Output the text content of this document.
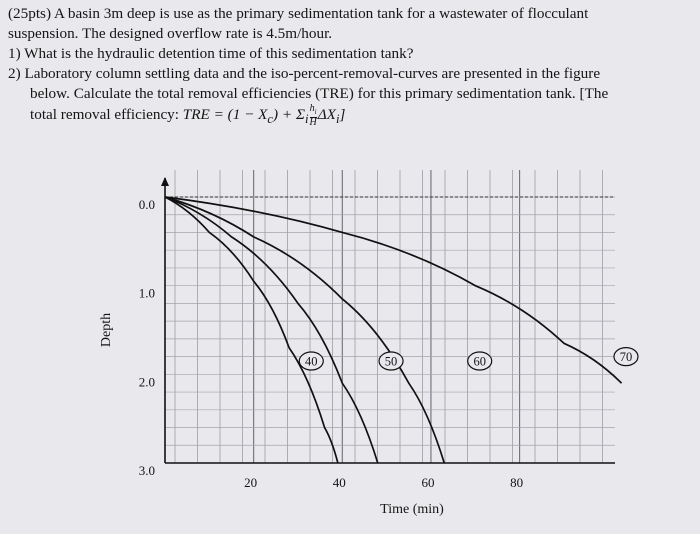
(25pts) A basin 3m deep is use as the primary sedimentation tank for a wastewater of flocculant

suspension. The designed overflow rate is 4.5m/hour.

1) What is the hydraulic detention time of this sedimentation tank?

2) Laboratory column settling data and the iso-percent-removal-curves are presented in the figure

below. Calculate the total removal efficiencies (TRE) for this primary sedimentation tank. [The

total removal efficiency: TRE = $(1 - X_c) + \Sigma_i \frac{h_i}{H} \Delta X_i$]

0.0
1.0
2.0
3.0
20	40	60	80
Time (min)
Depth
40	50	60	70
